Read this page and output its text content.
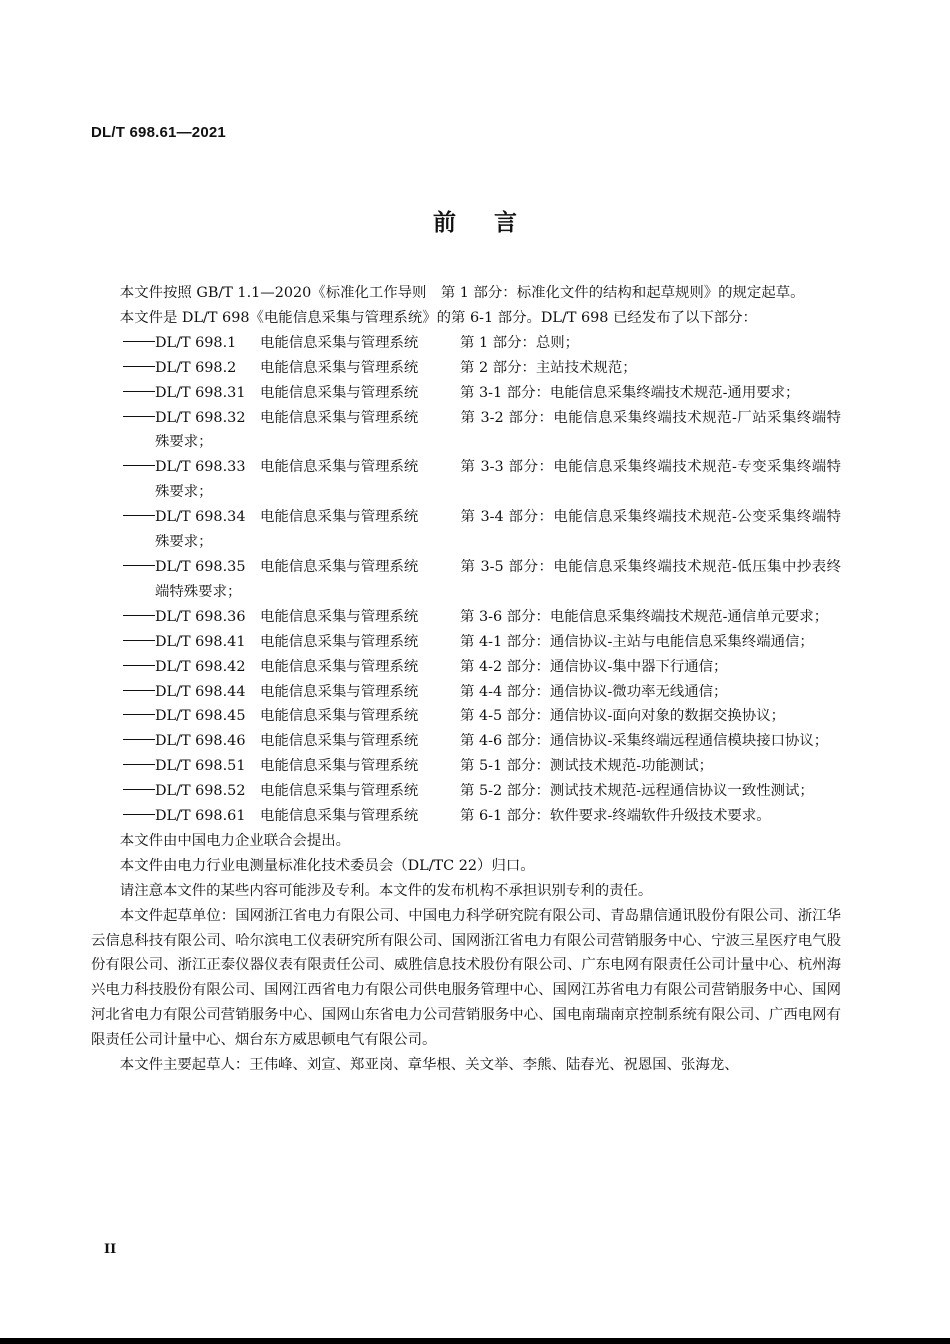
DL/T 698.61—2021
前言

本文件按照 GB/T 1.1—2020《标准化工作导则　第 1 部分：标准化文件的结构和起草规则》的规定起草。

本文件是 DL/T 698《电能信息采集与管理系统》的第 6-1 部分。DL/T 698 已经发布了以下部分：

DL/T 698.1 电能信息采集与管理系统	第 1 部分：总则；
DL/T 698.2 电能信息采集与管理系统	第 2 部分：主站技术规范；
DL/T 698.31 电能信息采集与管理系统	第 3-1 部分：电能信息采集终端技术规范-通用要求；
DL/T 698.32 电能信息采集与管理系统	第 3-2 部分：电能信息采集终端技术规范-厂站采集终端特殊要求；
DL/T 698.33 电能信息采集与管理系统	第 3-3 部分：电能信息采集终端技术规范-专变采集终端特殊要求；
DL/T 698.34 电能信息采集与管理系统	第 3-4 部分：电能信息采集终端技术规范-公变采集终端特殊要求；
DL/T 698.35 电能信息采集与管理系统	第 3-5 部分：电能信息采集终端技术规范-低压集中抄表终端特殊要求；
DL/T 698.36 电能信息采集与管理系统	第 3-6 部分：电能信息采集终端技术规范-通信单元要求；
DL/T 698.41 电能信息采集与管理系统	第 4-1 部分：通信协议-主站与电能信息采集终端通信；
DL/T 698.42 电能信息采集与管理系统	第 4-2 部分：通信协议-集中器下行通信；
DL/T 698.44 电能信息采集与管理系统	第 4-4 部分：通信协议-微功率无线通信；
DL/T 698.45 电能信息采集与管理系统	第 4-5 部分：通信协议-面向对象的数据交换协议；
DL/T 698.46 电能信息采集与管理系统	第 4-6 部分：通信协议-采集终端远程通信模块接口协议；
DL/T 698.51 电能信息采集与管理系统	第 5-1 部分：测试技术规范-功能测试；
DL/T 698.52 电能信息采集与管理系统	第 5-2 部分：测试技术规范-远程通信协议一致性测试；
DL/T 698.61 电能信息采集与管理系统	第 6-1 部分：软件要求-终端软件升级技术要求。

本文件由中国电力企业联合会提出。

本文件由电力行业电测量标准化技术委员会（DL/TC 22）归口。

请注意本文件的某些内容可能涉及专利。本文件的发布机构不承担识别专利的责任。

本文件起草单位：国网浙江省电力有限公司、中国电力科学研究院有限公司、青岛鼎信通讯股份有限公司、浙江华云信息科技有限公司、哈尔滨电工仪表研究所有限公司、国网浙江省电力有限公司营销服务中心、宁波三星医疗电气股份有限公司、浙江正泰仪器仪表有限责任公司、威胜信息技术股份有限公司、广东电网有限责任公司计量中心、杭州海兴电力科技股份有限公司、国网江西省电力有限公司供电服务管理中心、国网江苏省电力有限公司营销服务中心、国网河北省电力有限公司营销服务中心、国网山东省电力公司营销服务中心、国电南瑞南京控制系统有限公司、广西电网有限责任公司计量中心、烟台东方威思顿电气有限公司。

本文件主要起草人：王伟峰、刘宣、郑亚岗、章华根、关文举、李熊、陆春光、祝恩国、张海龙、

II
